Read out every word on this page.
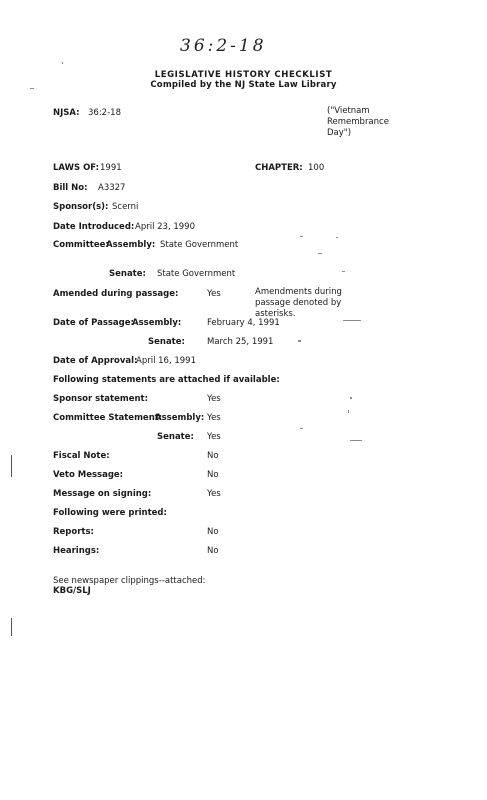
36:2-18
LEGISLATIVE HISTORY CHECKLIST
Compiled by the NJ State Law Library
NJSA: 36:2-18	("Vietnam Remembrance Day")
LAWS OF: 1991	CHAPTER: 100
Bill No: A3327
Sponsor(s): Scerni
Date Introduced: April 23, 1990
Committee:
Assembly: State Government
Senate: State Government
Amended during passage:	Yes	Amendments during passage denoted by asterisks.
Date of Passage:
Assembly:	February 4, 1991
Senate:	March 25, 1991
Date of Approval:
April 16, 1991
Following statements are attached if available:
Sponsor statement:	Yes
Committee Statement:
Assembly: Yes
Senate: Yes
Fiscal Note:	No
Veto Message:	No
Message on signing:	Yes
Following were printed:
Reports:	No
Hearings:	No
See newspaper clippings--attached:
KBG/SLJ
